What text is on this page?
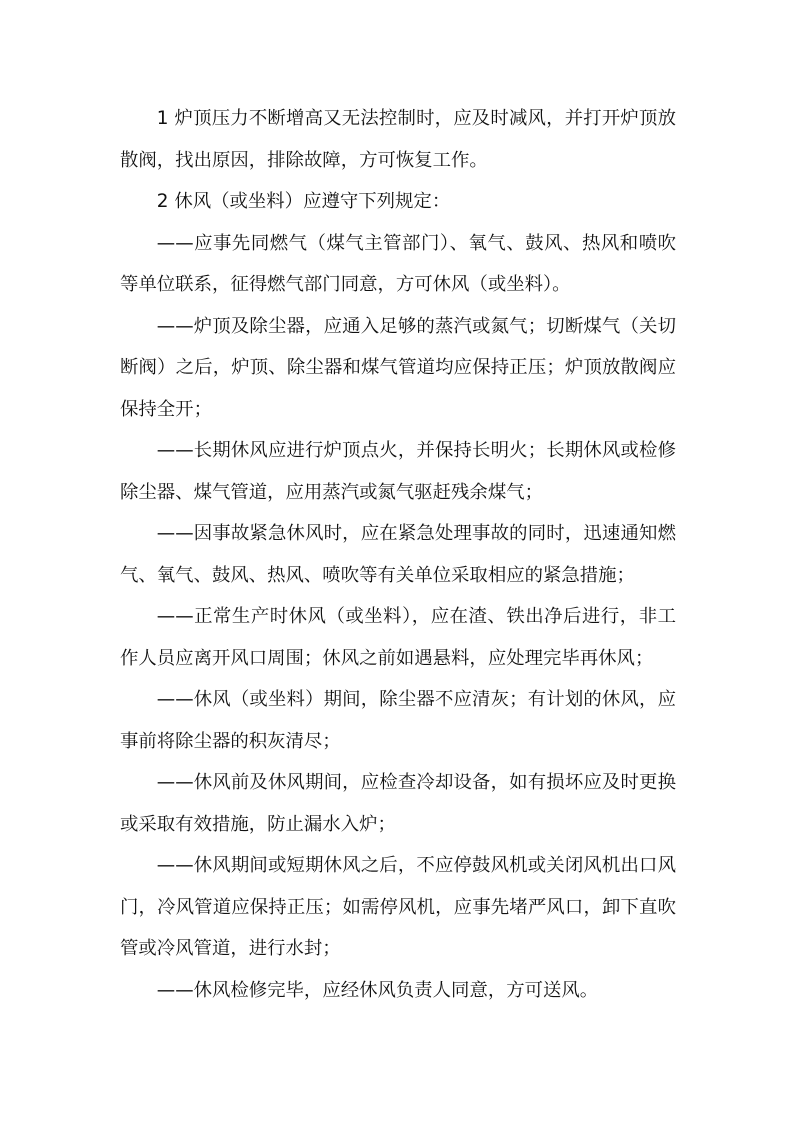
1 炉顶压力不断增高又无法控制时，应及时减风，并打开炉顶放散阀，找出原因，排除故障，方可恢复工作。

2 休风（或坐料）应遵守下列规定：

——应事先同燃气（煤气主管部门）、氧气、鼓风、热风和喷吹等单位联系，征得燃气部门同意，方可休风（或坐料）。

——炉顶及除尘器，应通入足够的蒸汽或氮气；切断煤气（关切断阀）之后，炉顶、除尘器和煤气管道均应保持正压；炉顶放散阀应保持全开；

——长期休风应进行炉顶点火，并保持长明火；长期休风或检修除尘器、煤气管道，应用蒸汽或氮气驱赶残余煤气；

——因事故紧急休风时，应在紧急处理事故的同时，迅速通知燃气、氧气、鼓风、热风、喷吹等有关单位采取相应的紧急措施；

——正常生产时休风（或坐料），应在渣、铁出净后进行，非工作人员应离开风口周围；休风之前如遇悬料，应处理完毕再休风；

——休风（或坐料）期间，除尘器不应清灰；有计划的休风，应事前将除尘器的积灰清尽；

——休风前及休风期间，应检查冷却设备，如有损坏应及时更换或采取有效措施，防止漏水入炉；

——休风期间或短期休风之后，不应停鼓风机或关闭风机出口风门，冷风管道应保持正压；如需停风机，应事先堵严风口，卸下直吹管或冷风管道，进行水封；

——休风检修完毕，应经休风负责人同意，方可送风。
